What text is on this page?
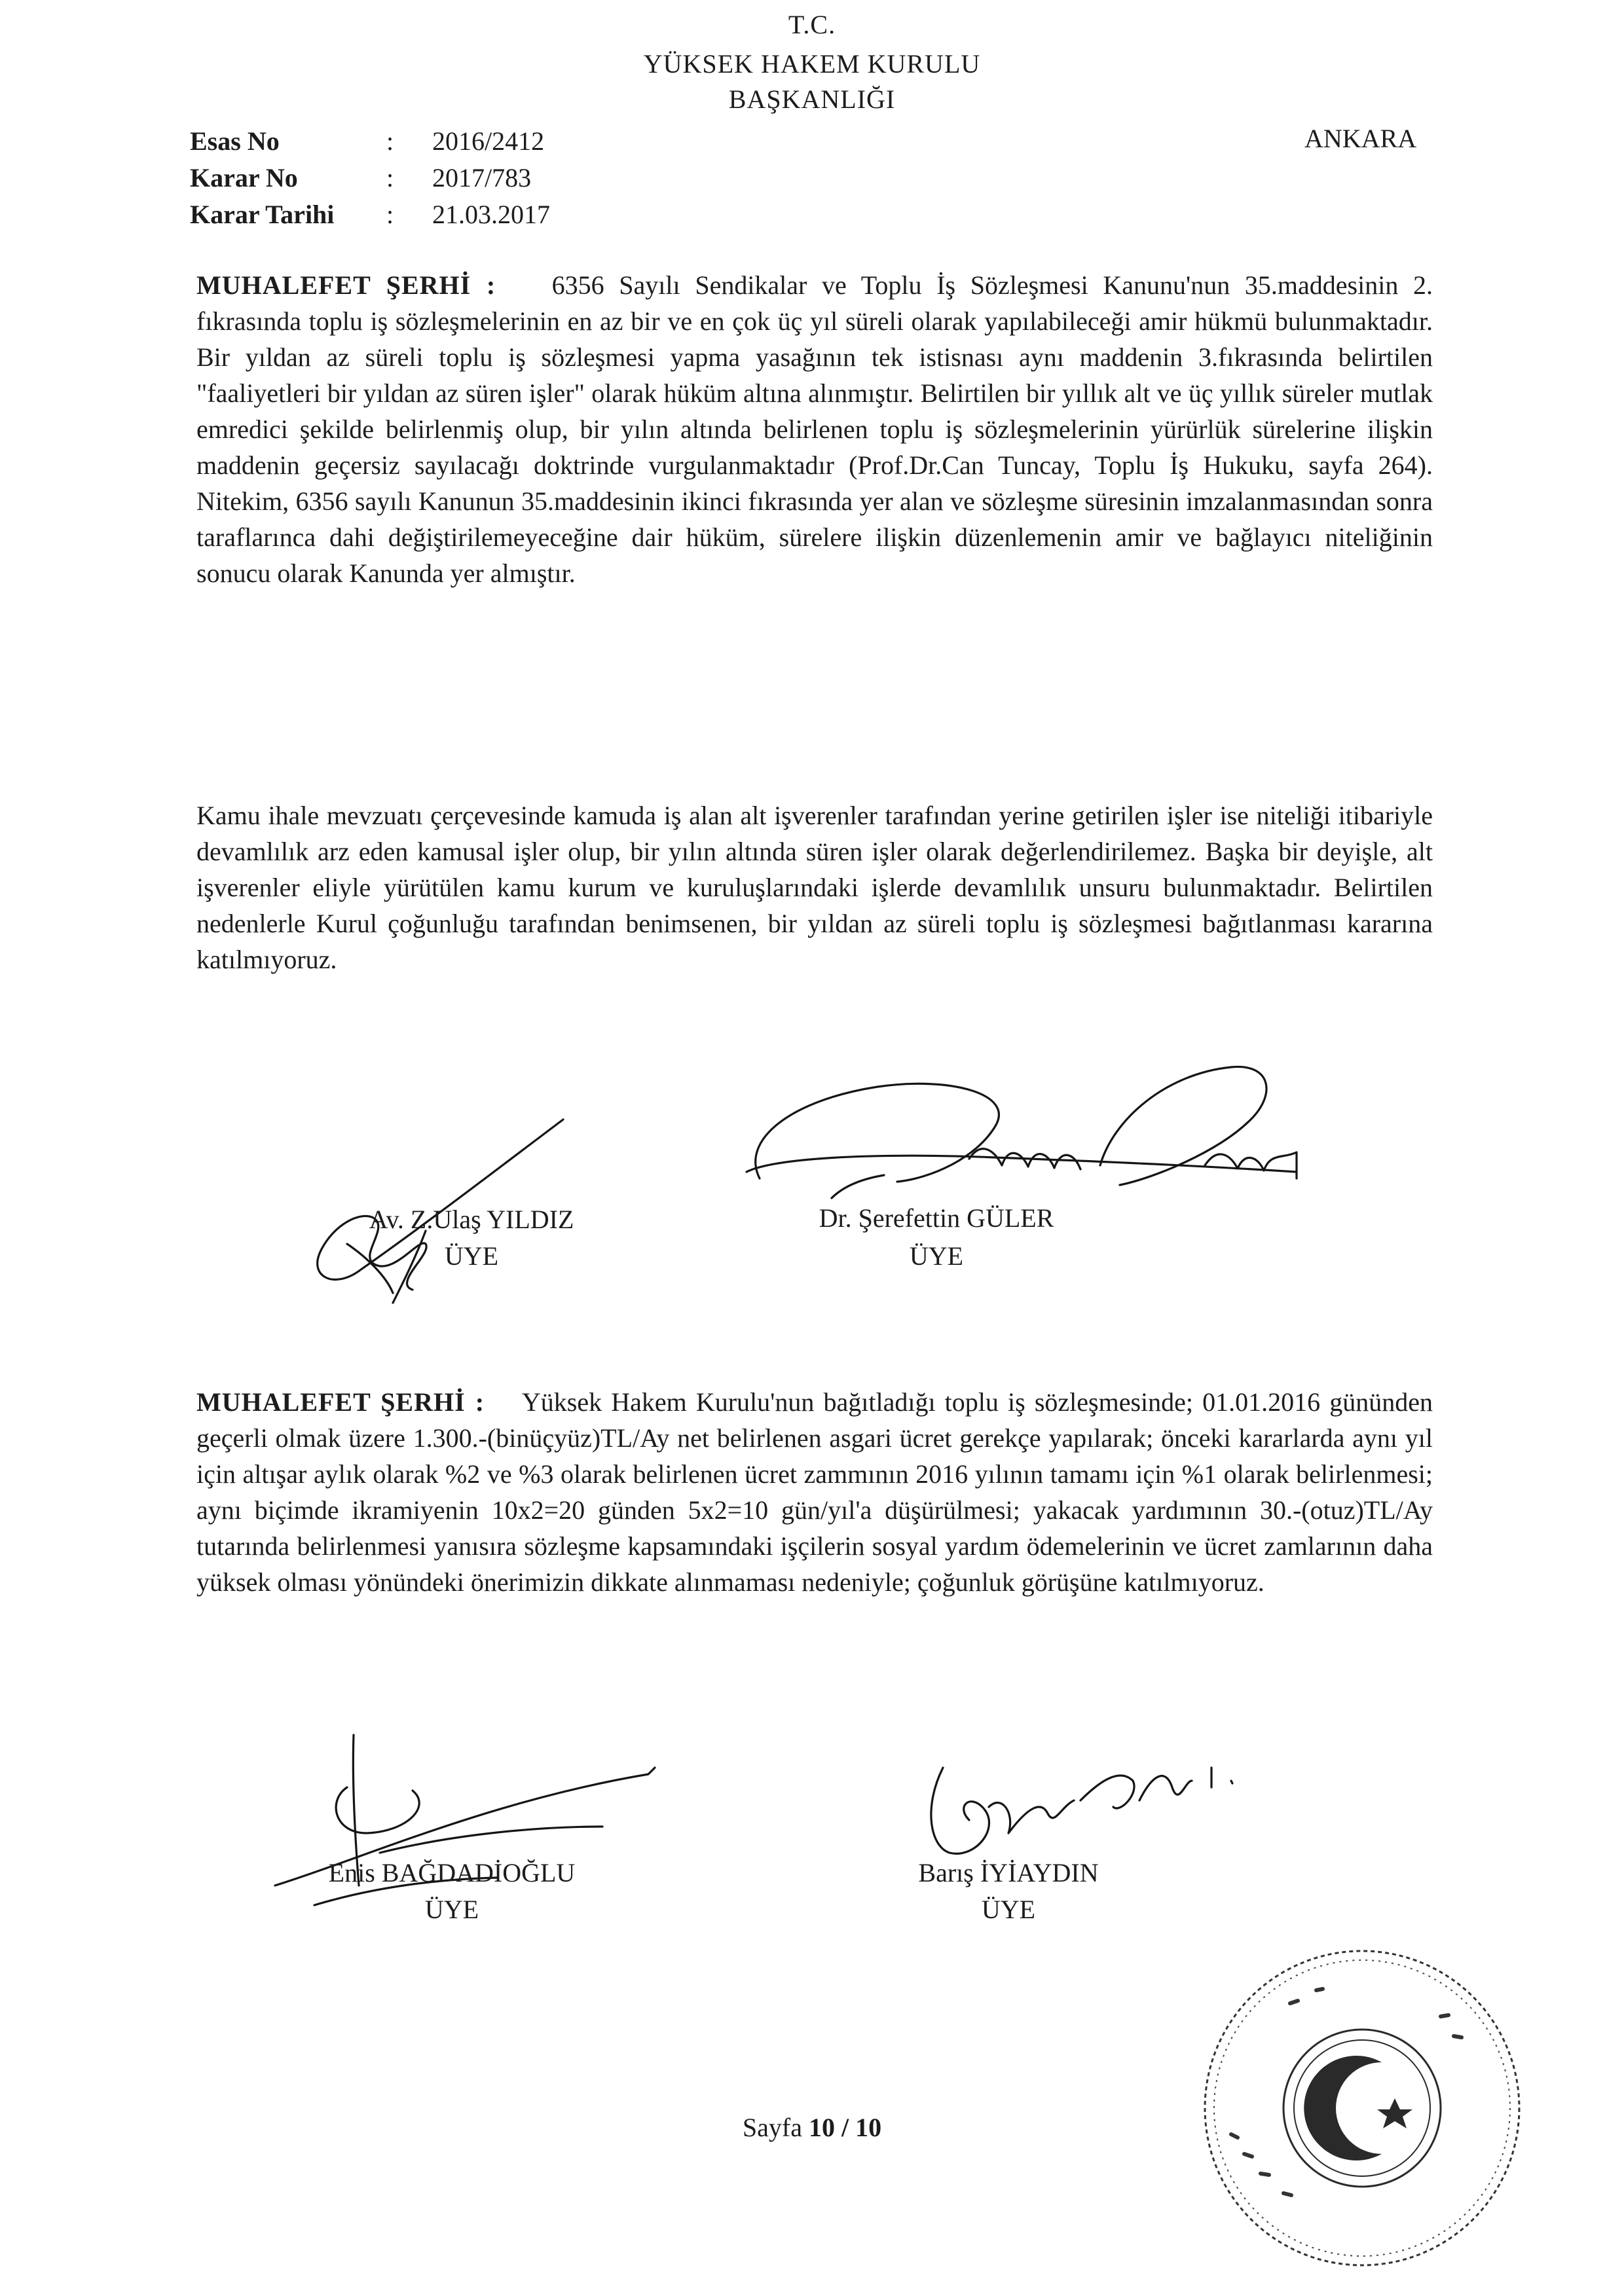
T.C.
YÜKSEK HAKEM KURULU
BAŞKANLIĞI
ANKARA
Esas No	: 2016/2412
Karar No	: 2017/783
Karar Tarihi : 21.03.2017
MUHALEFET ŞERHİ : 6356 Sayılı Sendikalar ve Toplu İş Sözleşmesi Kanunu'nun 35.maddesinin 2. fıkrasında toplu iş sözleşmelerinin en az bir ve en çok üç yıl süreli olarak yapılabileceği amir hükmü bulunmaktadır. Bir yıldan az süreli toplu iş sözleşmesi yapma yasağının tek istisnası aynı maddenin 3.fıkrasında belirtilen "faaliyetleri bir yıldan az süren işler" olarak hüküm altına alınmıştır. Belirtilen bir yıllık alt ve üç yıllık süreler mutlak emredici şekilde belirlenmiş olup, bir yılın altında belirlenen toplu iş sözleşmelerinin yürürlük sürelerine ilişkin maddenin geçersiz sayılacağı doktrinde vurgulanmaktadır (Prof.Dr.Can Tuncay, Toplu İş Hukuku, sayfa 264). Nitekim, 6356 sayılı Kanunun 35.maddesinin ikinci fıkrasında yer alan ve sözleşme süresinin imzalanmasından sonra taraflarınca dahi değiştirilemeyeceğine dair hüküm, sürelere ilişkin düzenlemenin amir ve bağlayıcı niteliğinin sonucu olarak Kanunda yer almıştır.
Kamu ihale mevzuatı çerçevesinde kamuda iş alan alt işverenler tarafından yerine getirilen işler ise niteliği itibariyle devamlılık arz eden kamusal işler olup, bir yılın altında süren işler olarak değerlendirilemez. Başka bir deyişle, alt işverenler eliyle yürütülen kamu kurum ve kuruluşlarındaki işlerde devamlılık unsuru bulunmaktadır. Belirtilen nedenlerle Kurul çoğunluğu tarafından benimsenen, bir yıldan az süreli toplu iş sözleşmesi bağıtlanması kararına katılmıyoruz.
Av. Z.Ulaş YILDIZ
ÜYE
Dr. Şerefettin GÜLER
ÜYE
MUHALEFET ŞERHİ : Yüksek Hakem Kurulu'nun bağıtladığı toplu iş sözleşmesinde; 01.01.2016 gününden geçerli olmak üzere 1.300.-(binüçyüz)TL/Ay net belirlenen asgari ücret gerekçe yapılarak; önceki kararlarda aynı yıl için altışar aylık olarak %2 ve %3 olarak belirlenen ücret zammının 2016 yılının tamamı için %1 olarak belirlenmesi; aynı biçimde ikramiyenin 10x2=20 günden 5x2=10 gün/yıl'a düşürülmesi; yakacak yardımının 30.-(otuz)TL/Ay tutarında belirlenmesi yanısıra sözleşme kapsamındaki işçilerin sosyal yardım ödemelerinin ve ücret zamlarının daha yüksek olması yönündeki önerimizin dikkate alınmaması nedeniyle; çoğunluk görüşüne katılmıyoruz.
Enis BAĞDADİOĞLU
ÜYE
Barış İYİAYDIN
ÜYE
Sayfa 10 / 10
